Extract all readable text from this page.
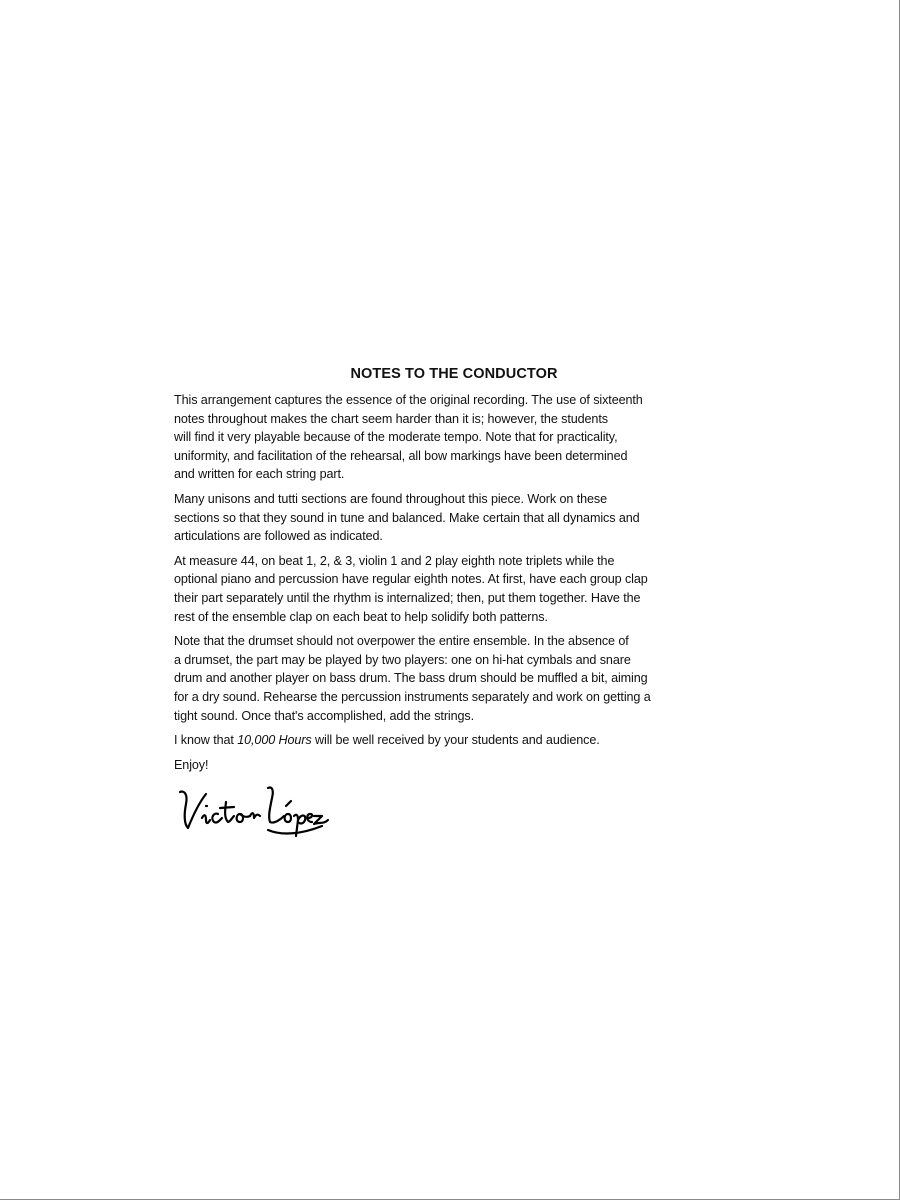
NOTES TO THE CONDUCTOR

This arrangement captures the essence of the original recording. The use of sixteenth
notes throughout makes the chart seem harder than it is; however, the students
will find it very playable because of the moderate tempo. Note that for practicality,
uniformity, and facilitation of the rehearsal, all bow markings have been determined
and written for each string part.

Many unisons and tutti sections are found throughout this piece. Work on these
sections so that they sound in tune and balanced. Make certain that all dynamics and
articulations are followed as indicated.

At measure 44, on beat 1, 2, & 3, violin 1 and 2 play eighth note triplets while the
optional piano and percussion have regular eighth notes. At first, have each group clap
their part separately until the rhythm is internalized; then, put them together. Have the
rest of the ensemble clap on each beat to help solidify both patterns.

Note that the drumset should not overpower the entire ensemble. In the absence of
a drumset, the part may be played by two players: one on hi-hat cymbals and snare
drum and another player on bass drum. The bass drum should be muffled a bit, aiming
for a dry sound. Rehearse the percussion instruments separately and work on getting a
tight sound. Once that's accomplished, add the strings.

I know that 10,000 Hours will be well received by your students and audience.

Enjoy!
